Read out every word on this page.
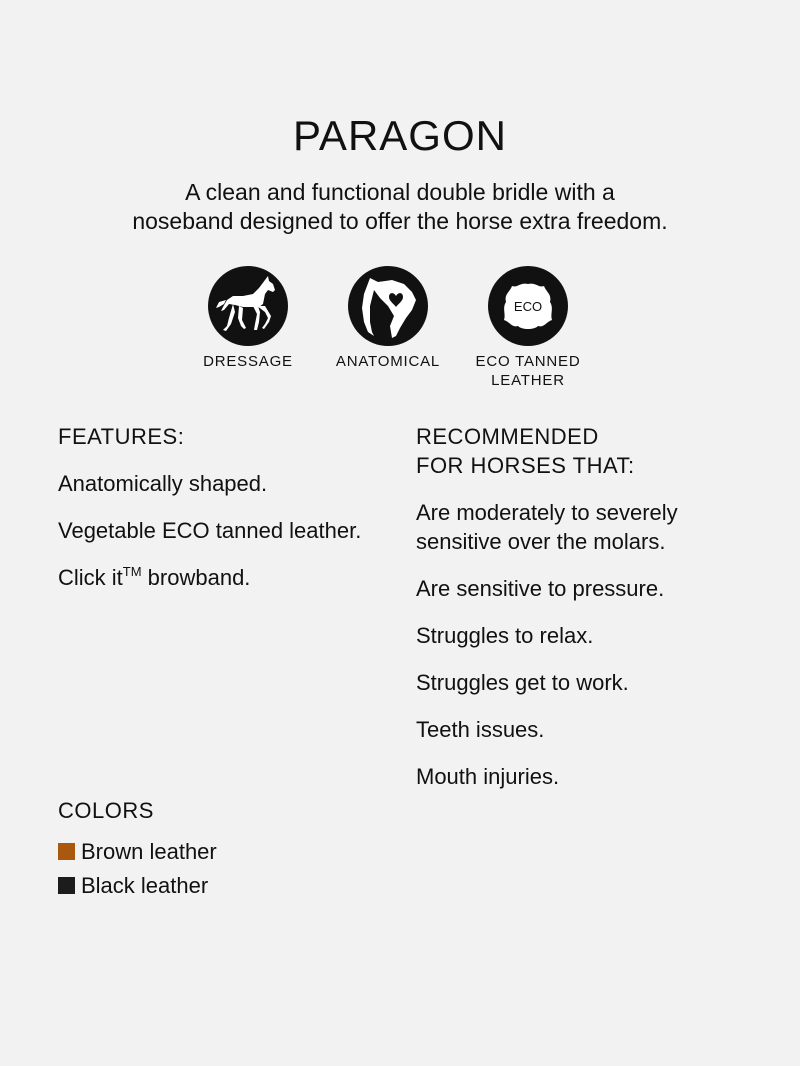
PARAGON
A clean and functional double bridle with a
noseband designed to offer the horse extra freedom.
DRESSAGE	ANATOMICAL
ECO
ECO TANNED
LEATHER
FEATURES:
Anatomically shaped.
Vegetable ECO tanned leather.
Click it™ browband.
RECOMMENDED
FOR HORSES THAT:
Are moderately to severely
sensitive over the molars.
Are sensitive to pressure.
Struggles to relax.
Struggles get to work.
Teeth issues.
Mouth injuries.
COLORS
Brown leather
Black leather
